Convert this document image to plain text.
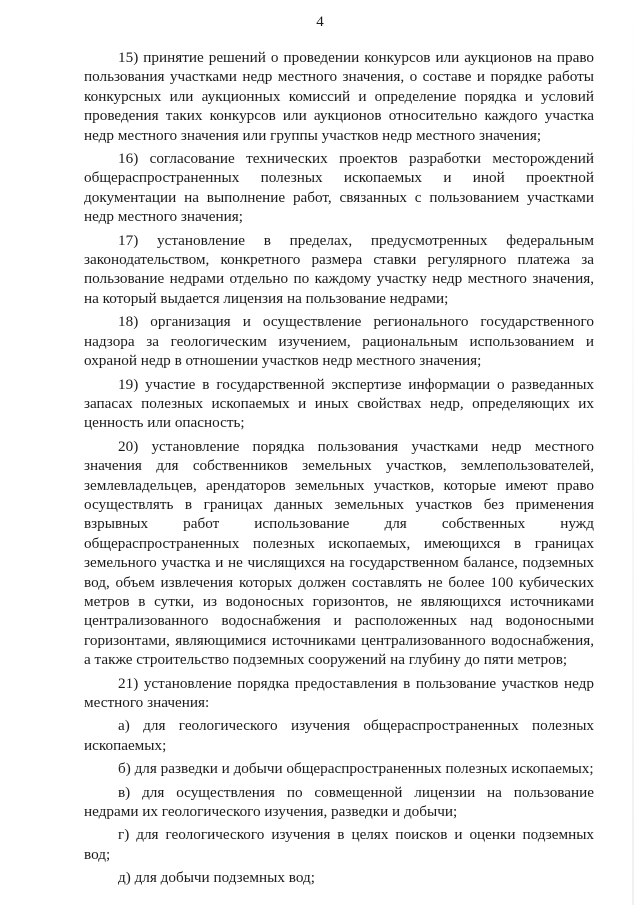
4

15) принятие решений о проведении конкурсов или аукционов на право пользования участками недр местного значения, о составе и порядке работы конкурсных или аукционных комиссий и определение порядка и условий проведения таких конкурсов или аукционов относительно каждого участка недр местного значения или группы участков недр местного значения;

16) согласование технических проектов разработки месторождений общераспространенных полезных ископаемых и иной проектной документации на выполнение работ, связанных с пользованием участками недр местного значения;

17) установление в пределах, предусмотренных федеральным законодательством, конкретного размера ставки регулярного платежа за пользование недрами отдельно по каждому участку недр местного значения, на который выдается лицензия на пользование недрами;

18) организация и осуществление регионального государственного надзора за геологическим изучением, рациональным использованием и охраной недр в отношении участков недр местного значения;

19) участие в государственной экспертизе информации о разведанных запасах полезных ископаемых и иных свойствах недр, определяющих их ценность или опасность;

20) установление порядка пользования участками недр местного значения для собственников земельных участков, землепользователей, землевладельцев, арендаторов земельных участков, которые имеют право осуществлять в границах данных земельных участков без применения взрывных работ использование для собственных нужд общераспространенных полезных ископаемых, имеющихся в границах земельного участка и не числящихся на государственном балансе, подземных вод, объем извлечения которых должен составлять не более 100 кубических метров в сутки, из водоносных горизонтов, не являющихся источниками централизованного водоснабжения и расположенных над водоносными горизонтами, являющимися источниками централизованного водоснабжения, а также строительство подземных сооружений на глубину до пяти метров;

21) установление порядка предоставления в пользование участков недр местного значения:

а) для геологического изучения общераспространенных полезных ископаемых;

б) для разведки и добычи общераспространенных полезных ископаемых;

в) для осуществления по совмещенной лицензии на пользование недрами их геологического изучения, разведки и добычи;

г) для геологического изучения в целях поисков и оценки подземных вод;

д) для добычи подземных вод;
